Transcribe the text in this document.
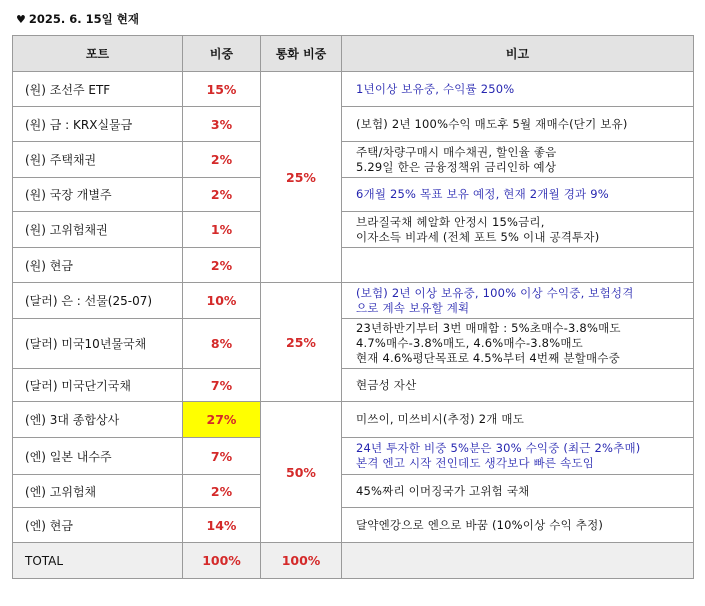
♥ 2025. 6. 15일 현재
포트	비중	통화 비중	비고
(원) 조선주 ETF	15%	25%	1년이상 보유중, 수익률 250%

(원) 금 : KRX실물금	3%		(보험) 2년 100%수익 매도후 5월 재매수(단기 보유)

(원) 주택채권	2%		주택/차량구매시 매수채권, 할인율 좋음
5.29일 한은 금융정책위 금리인하 예상

(원) 국장 개별주	2%		6개월 25% 목표 보유 예정, 현재 2개월 경과 9%

(원) 고위험채권	1%		브라질국채 헤알화 안정시 15%금리,
이자소득 비과세 (전체 포트 5% 이내 공격투자)

(원) 현금	2%		
(달러) 은 : 선물(25-07)	10%	25%	(보험) 2년 이상 보유중, 100% 이상 수익중, 보험성격
으로 계속 보유할 계획

(달러) 미국10년물국채	8%		23년하반기부터 3번 매매함 : 5%초매수-3.8%매도
4.7%매수-3.8%매도, 4.6%매수-3.8%매도
현재 4.6%평단목표로 4.5%부터 4번째 분할매수중

(달러) 미국단기국채	7%		현금성 자산

(엔) 3대 종합상사	27%	50%	미쓰이, 미쓰비시(추정) 2개 매도

(엔) 일본 내수주	7%		24년 투자한 비중 5%분은 30% 수익중 (최근 2%추매)
본격 엔고 시작 전인데도 생각보다 빠른 속도임

(엔) 고위험채	2%		45%짜리 이머징국가 고위험 국채

(엔) 현금	14%		달약엔강으로 엔으로 바꿈 (10%이상 수익 추정)

TOTAL	100%	100%	
